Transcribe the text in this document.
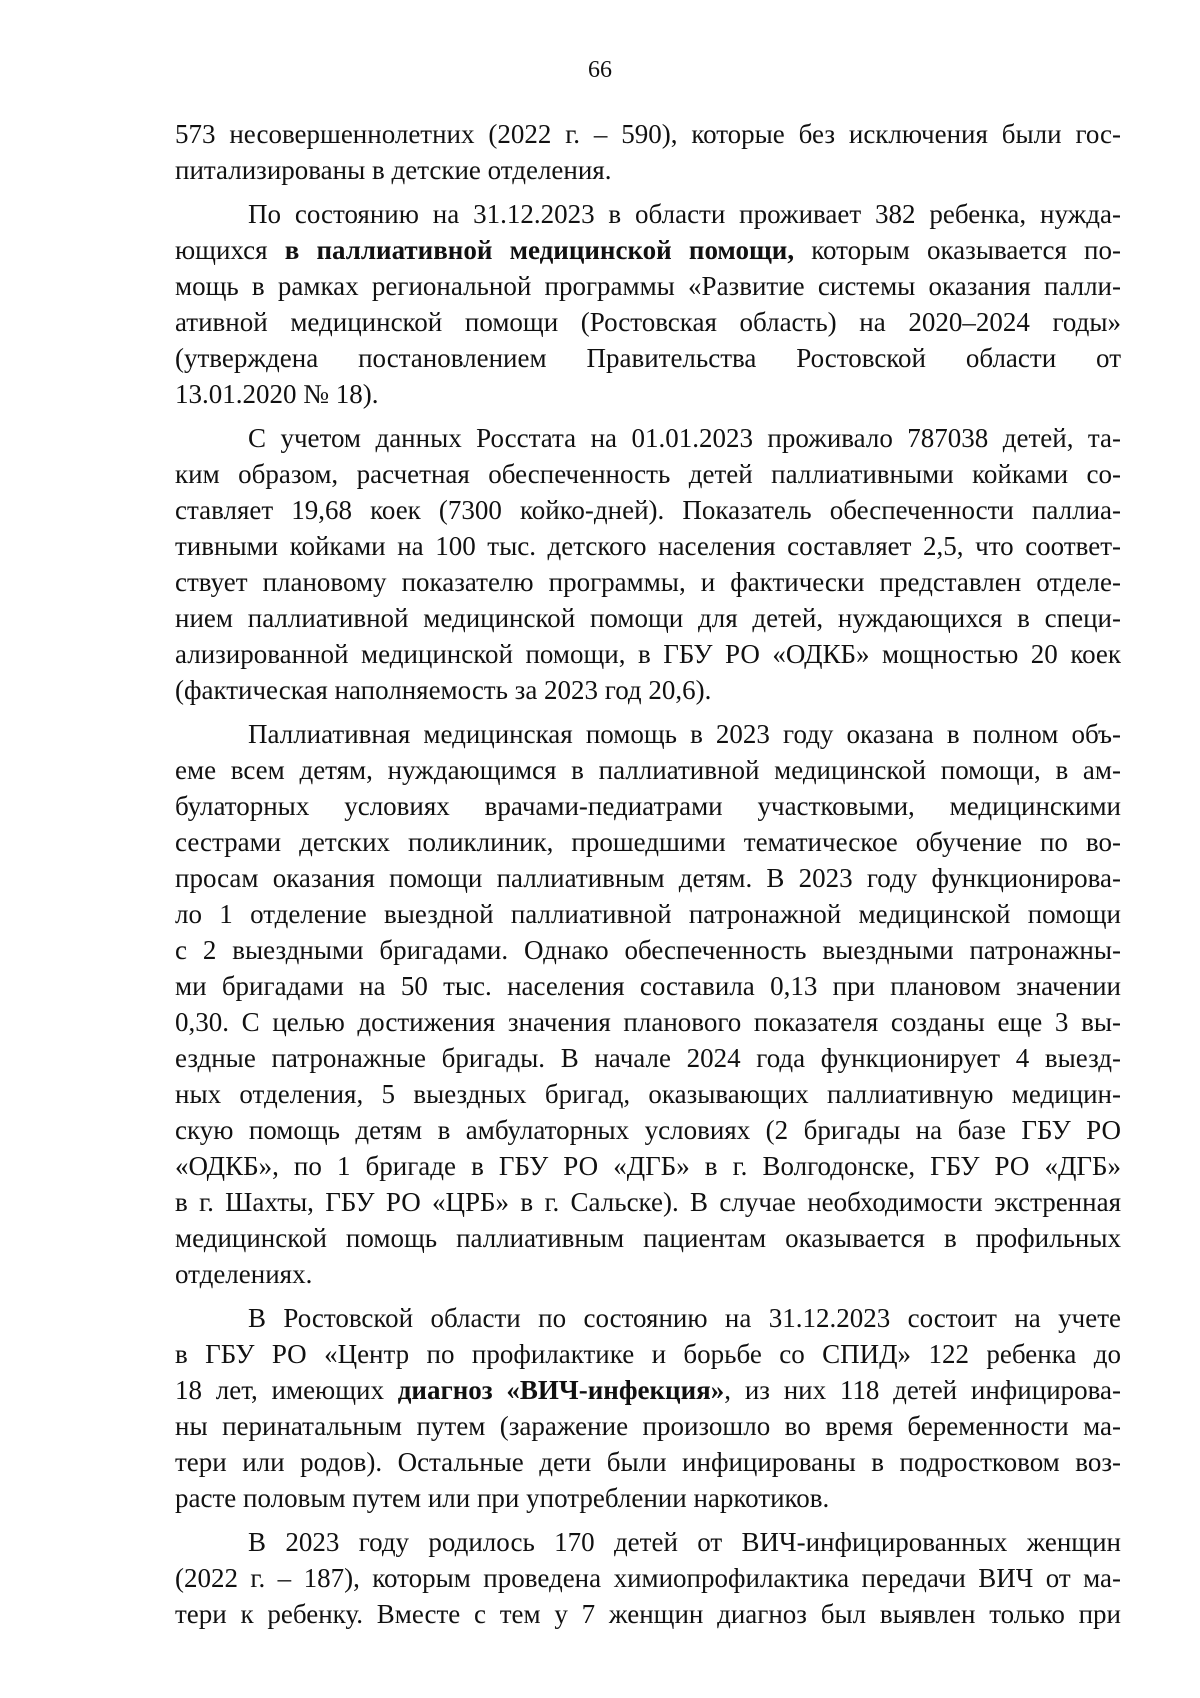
66
573 несовершеннолетних (2022 г. – 590), которые без исключения были гос-
питализированы в детские отделения.
По состоянию на 31.12.2023 в области проживает 382 ребенка, нужда-
ющихся в паллиативной медицинской помощи, которым оказывается по-
мощь в рамках региональной программы «Развитие системы оказания палли-
ативной медицинской помощи (Ростовская область) на 2020–2024 годы»
(утверждена постановлением Правительства Ростовской области от
13.01.2020 № 18).
С учетом данных Росстата на 01.01.2023 проживало 787038 детей, та-
ким образом, расчетная обеспеченность детей паллиативными койками со-
ставляет 19,68 коек (7300 койко-дней). Показатель обеспеченности паллиа-
тивными койками на 100 тыс. детского населения составляет 2,5, что соответ-
ствует плановому показателю программы, и фактически представлен отделе-
нием паллиативной медицинской помощи для детей, нуждающихся в специ-
ализированной медицинской помощи, в ГБУ РО «ОДКБ» мощностью 20 коек
(фактическая наполняемость за 2023 год 20,6).
Паллиативная медицинская помощь в 2023 году оказана в полном объ-
еме всем детям, нуждающимся в паллиативной медицинской помощи, в ам-
булаторных условиях врачами-педиатрами участковыми, медицинскими
сестрами детских поликлиник, прошедшими тематическое обучение по во-
просам оказания помощи паллиативным детям. В 2023 году функционирова-
ло 1 отделение выездной паллиативной патронажной медицинской помощи
с 2 выездными бригадами. Однако обеспеченность выездными патронажны-
ми бригадами на 50 тыс. населения составила 0,13 при плановом значении
0,30. С целью достижения значения планового показателя созданы еще 3 вы-
ездные патронажные бригады. В начале 2024 года функционирует 4 выезд-
ных отделения, 5 выездных бригад, оказывающих паллиативную медицин-
скую помощь детям в амбулаторных условиях (2 бригады на базе ГБУ РО
«ОДКБ», по 1 бригаде в ГБУ РО «ДГБ» в г. Волгодонске, ГБУ РО «ДГБ»
в г. Шахты, ГБУ РО «ЦРБ» в г. Сальске). В случае необходимости экстренная
медицинской помощь паллиативным пациентам оказывается в профильных
отделениях.
В Ростовской области по состоянию на 31.12.2023 состоит на учете
в ГБУ РО «Центр по профилактике и борьбе со СПИД» 122 ребенка до
18 лет, имеющих диагноз «ВИЧ-инфекция», из них 118 детей инфицирова-
ны перинатальным путем (заражение произошло во время беременности ма-
тери или родов). Остальные дети были инфицированы в подростковом воз-
расте половым путем или при употреблении наркотиков.
В 2023 году родилось 170 детей от ВИЧ-инфицированных женщин
(2022 г. – 187), которым проведена химиопрофилактика передачи ВИЧ от ма-
тери к ребенку. Вместе с тем у 7 женщин диагноз был выявлен только при
